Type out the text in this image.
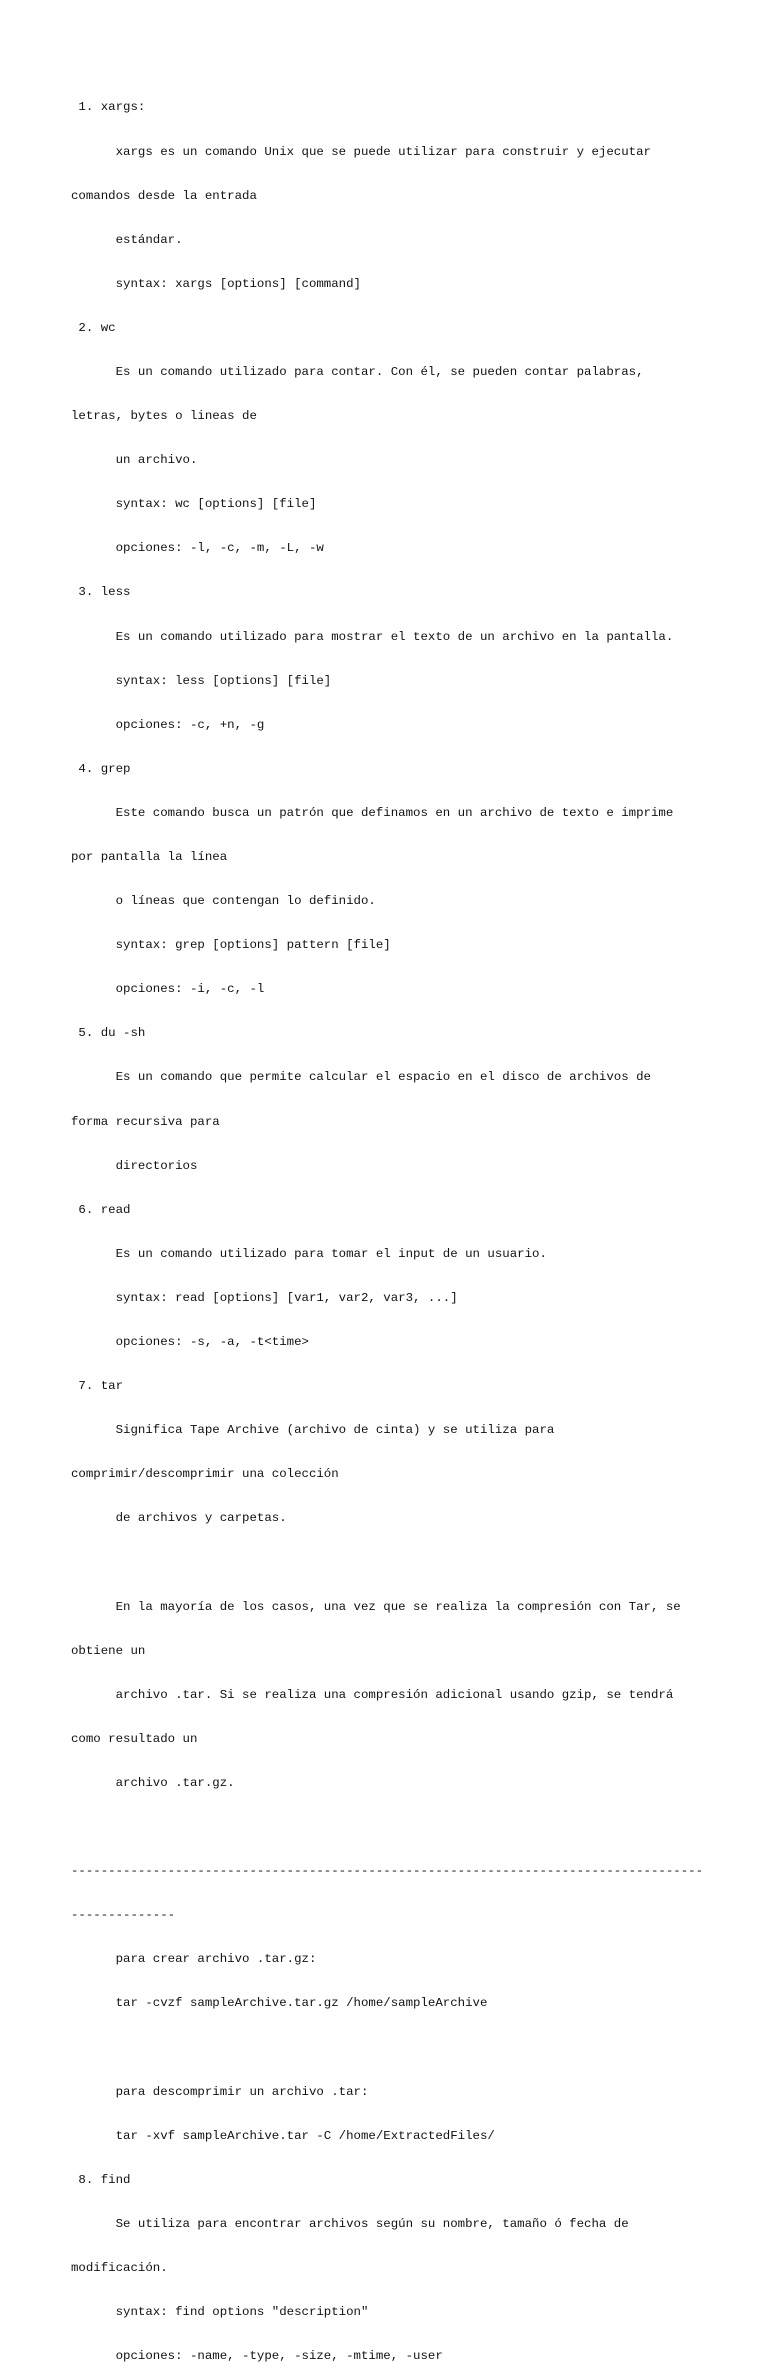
1. xargs:

xargs es un comando Unix que se puede utilizar para construir y ejecutar

comandos desde la entrada

estándar.

syntax: xargs [options] [command]

2. wc

Es un comando utilizado para contar. Con él, se pueden contar palabras,

letras, bytes o lineas de

un archivo.

syntax: wc [options] [file]

opciones: -l, -c, -m, -L, -w

3. less

Es un comando utilizado para mostrar el texto de un archivo en la pantalla.

syntax: less [options] [file]

opciones: -c, +n, -g

4. grep

Este comando busca un patrón que definamos en un archivo de texto e imprime

por pantalla la línea

o líneas que contengan lo definido.

syntax: grep [options] pattern [file]

opciones: -i, -c, -l

5. du -sh

Es un comando que permite calcular el espacio en el disco de archivos de

forma recursiva para

directorios

6. read

Es un comando utilizado para tomar el input de un usuario.

syntax: read [options] [var1, var2, var3, ...]

opciones: -s, -a, -t<time>

7. tar

Significa Tape Archive (archivo de cinta) y se utiliza para

comprimir/descomprimir una colección

de archivos y carpetas.

En la mayoría de los casos, una vez que se realiza la compresión con Tar, se

obtiene un

archivo .tar. Si se realiza una compresión adicional usando gzip, se tendrá

como resultado un

archivo .tar.gz.

-------------------------------------------------------------------------------------

--------------

para crear archivo .tar.gz:

tar -cvzf sampleArchive.tar.gz /home/sampleArchive

para descomprimir un archivo .tar:

tar -xvf sampleArchive.tar -C /home/ExtractedFiles/

8. find

Se utiliza para encontrar archivos según su nombre, tamaño ó fecha de

modificación.

syntax: find options "description"

opciones: -name, -type, -size, -mtime, -user
